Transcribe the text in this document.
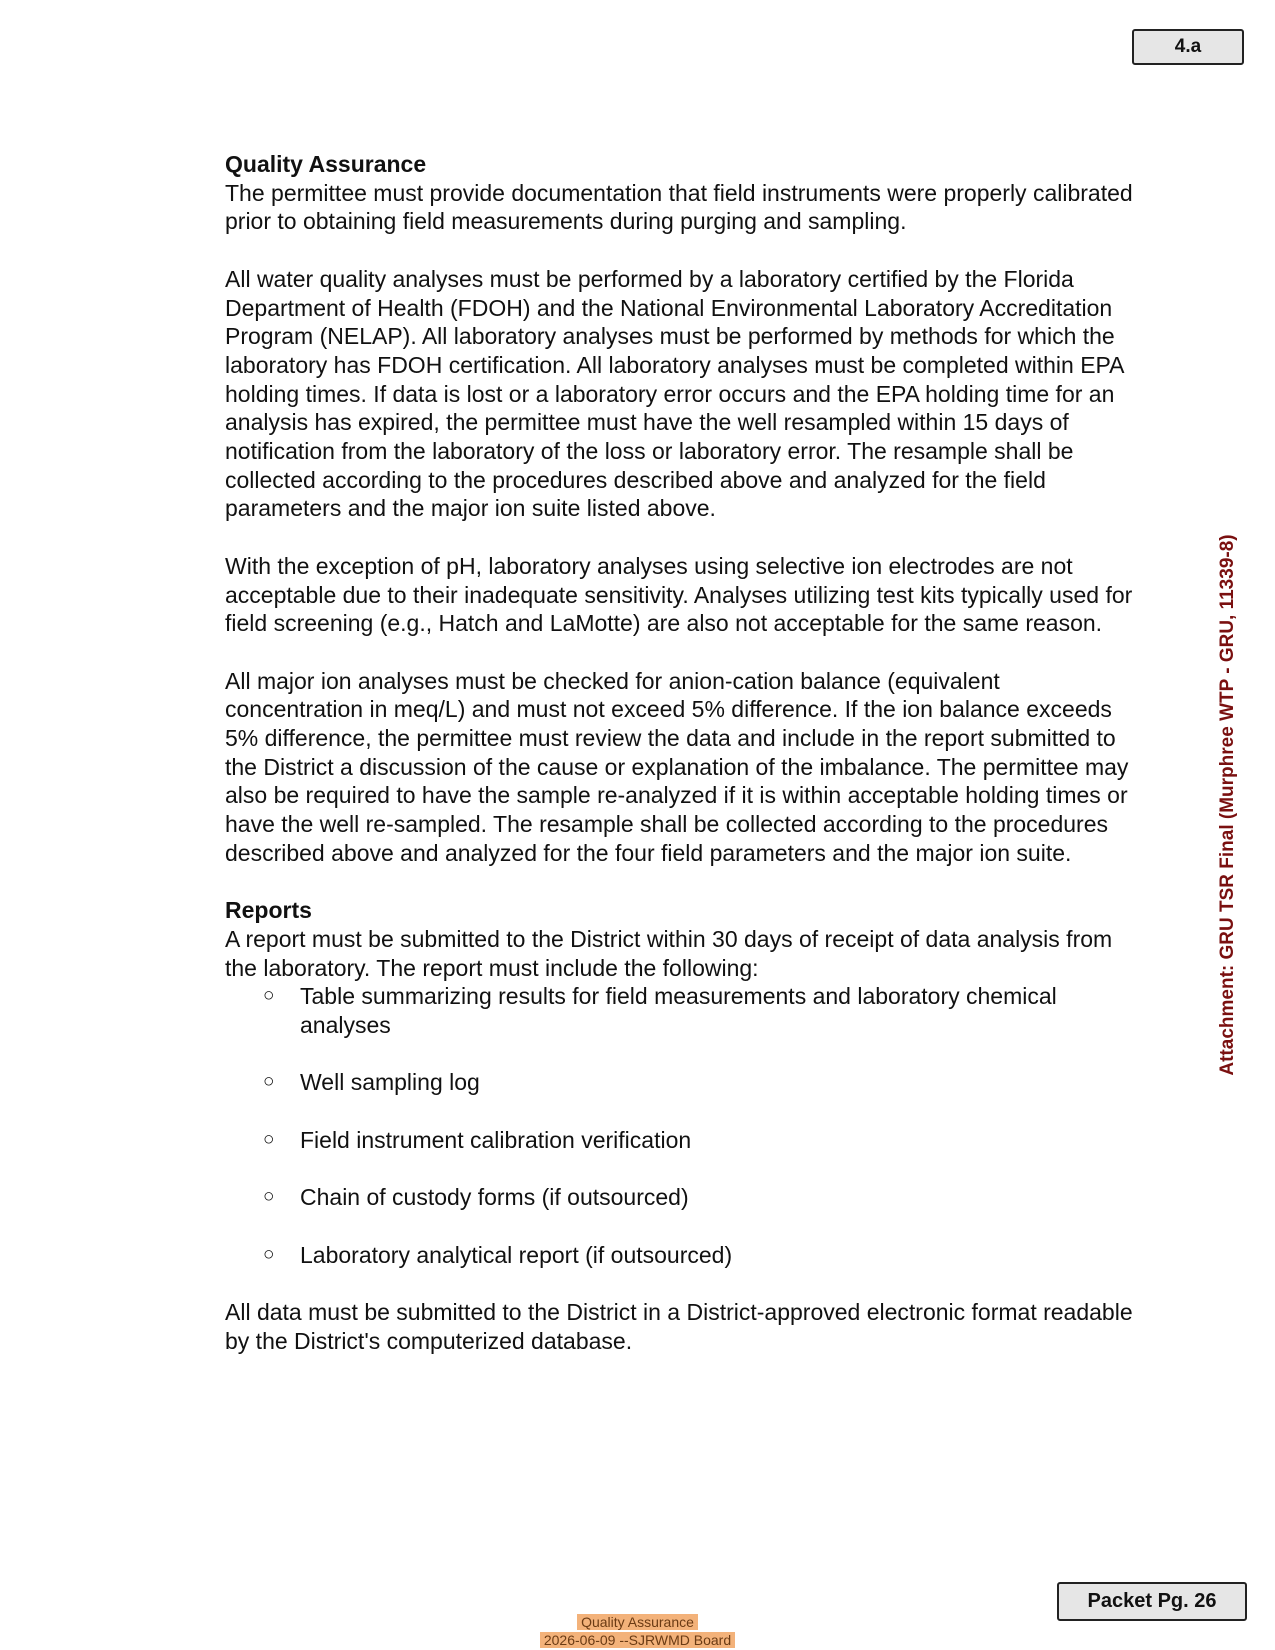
4.a
Attachment: GRU TSR Final (Murphree WTP - GRU, 11339-8)

Quality Assurance

The permittee must provide documentation that field instruments were properly calibrated prior to obtaining field measurements during purging and sampling.

All water quality analyses must be performed by a laboratory certified by the Florida Department of Health (FDOH) and the National Environmental Laboratory Accreditation Program (NELAP). All laboratory analyses must be performed by methods for which the laboratory has FDOH certification. All laboratory analyses must be completed within EPA holding times. If data is lost or a laboratory error occurs and the EPA holding time for an analysis has expired, the permittee must have the well resampled within 15 days of notification from the laboratory of the loss or laboratory error. The resample shall be collected according to the procedures described above and analyzed for the field parameters and the major ion suite listed above.

With the exception of pH, laboratory analyses using selective ion electrodes are not acceptable due to their inadequate sensitivity. Analyses utilizing test kits typically used for field screening (e.g., Hatch and LaMotte) are also not acceptable for the same reason.

All major ion analyses must be checked for anion-cation balance (equivalent concentration in meq/L) and must not exceed 5% difference. If the ion balance exceeds 5% difference, the permittee must review the data and include in the report submitted to the District a discussion of the cause or explanation of the imbalance. The permittee may also be required to have the sample re-analyzed if it is within acceptable holding times or have the well re-sampled. The resample shall be collected according to the procedures described above and analyzed for the four field parameters and the major ion suite.

Reports

A report must be submitted to the District within 30 days of receipt of data analysis from the laboratory. The report must include the following:

○ Table summarizing results for field measurements and laboratory chemical analyses
○ Well sampling log
○ Field instrument calibration verification
○ Chain of custody forms (if outsourced)
○ Laboratory analytical report (if outsourced)

All data must be submitted to the District in a District-approved electronic format readable by the District's computerized database.

Packet Pg. 26
Quality Assurance
2026-06-09 --SJRWMD Board
